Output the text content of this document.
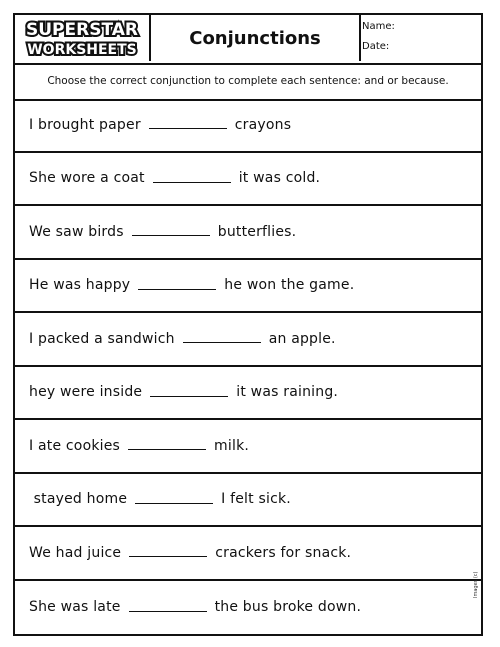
SUPERSTAR
WORKSHEETS
Conjunctions
Name:
Date:
Choose the correct conjunction to complete each sentence: and or because.
I brought paper	crayons
She wore a coat	it was cold.
We saw birds	butterflies.
He was happy	he won the game.
I packed a sandwich	an apple.
hey were inside	it was raining.
I ate cookies	milk.
stayed home	I felt sick.
We had juice	crackers for snack.
She was late	the bus broke down.
Images (c)
